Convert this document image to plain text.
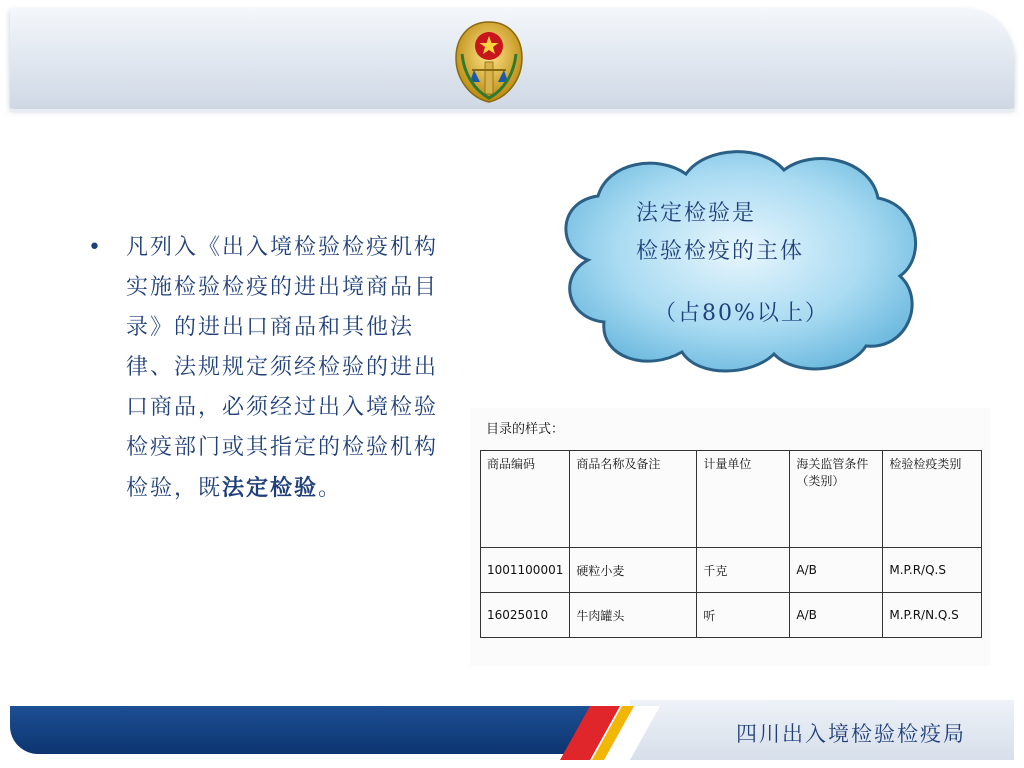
• 凡列入《出入境检验检疫机构实施检验检疫的进出境商品目录》的进出口商品和其他法律、法规规定须经检验的进出口商品，必须经过出入境检验检疫部门或其指定的检验机构检验，既法定检验。
法定检验是
检验检疫的主体
（占80%以上）
目录的样式：
商品编码	商品名称及备注	计量单位	海关监管条件（类别）	检验检疫类别
1001100001	硬粒小麦	千克	A/B	M.P.R/Q.S
16025010	牛肉罐头	听	A/B	M.P.R/N.Q.S
四川出入境检验检疫局
